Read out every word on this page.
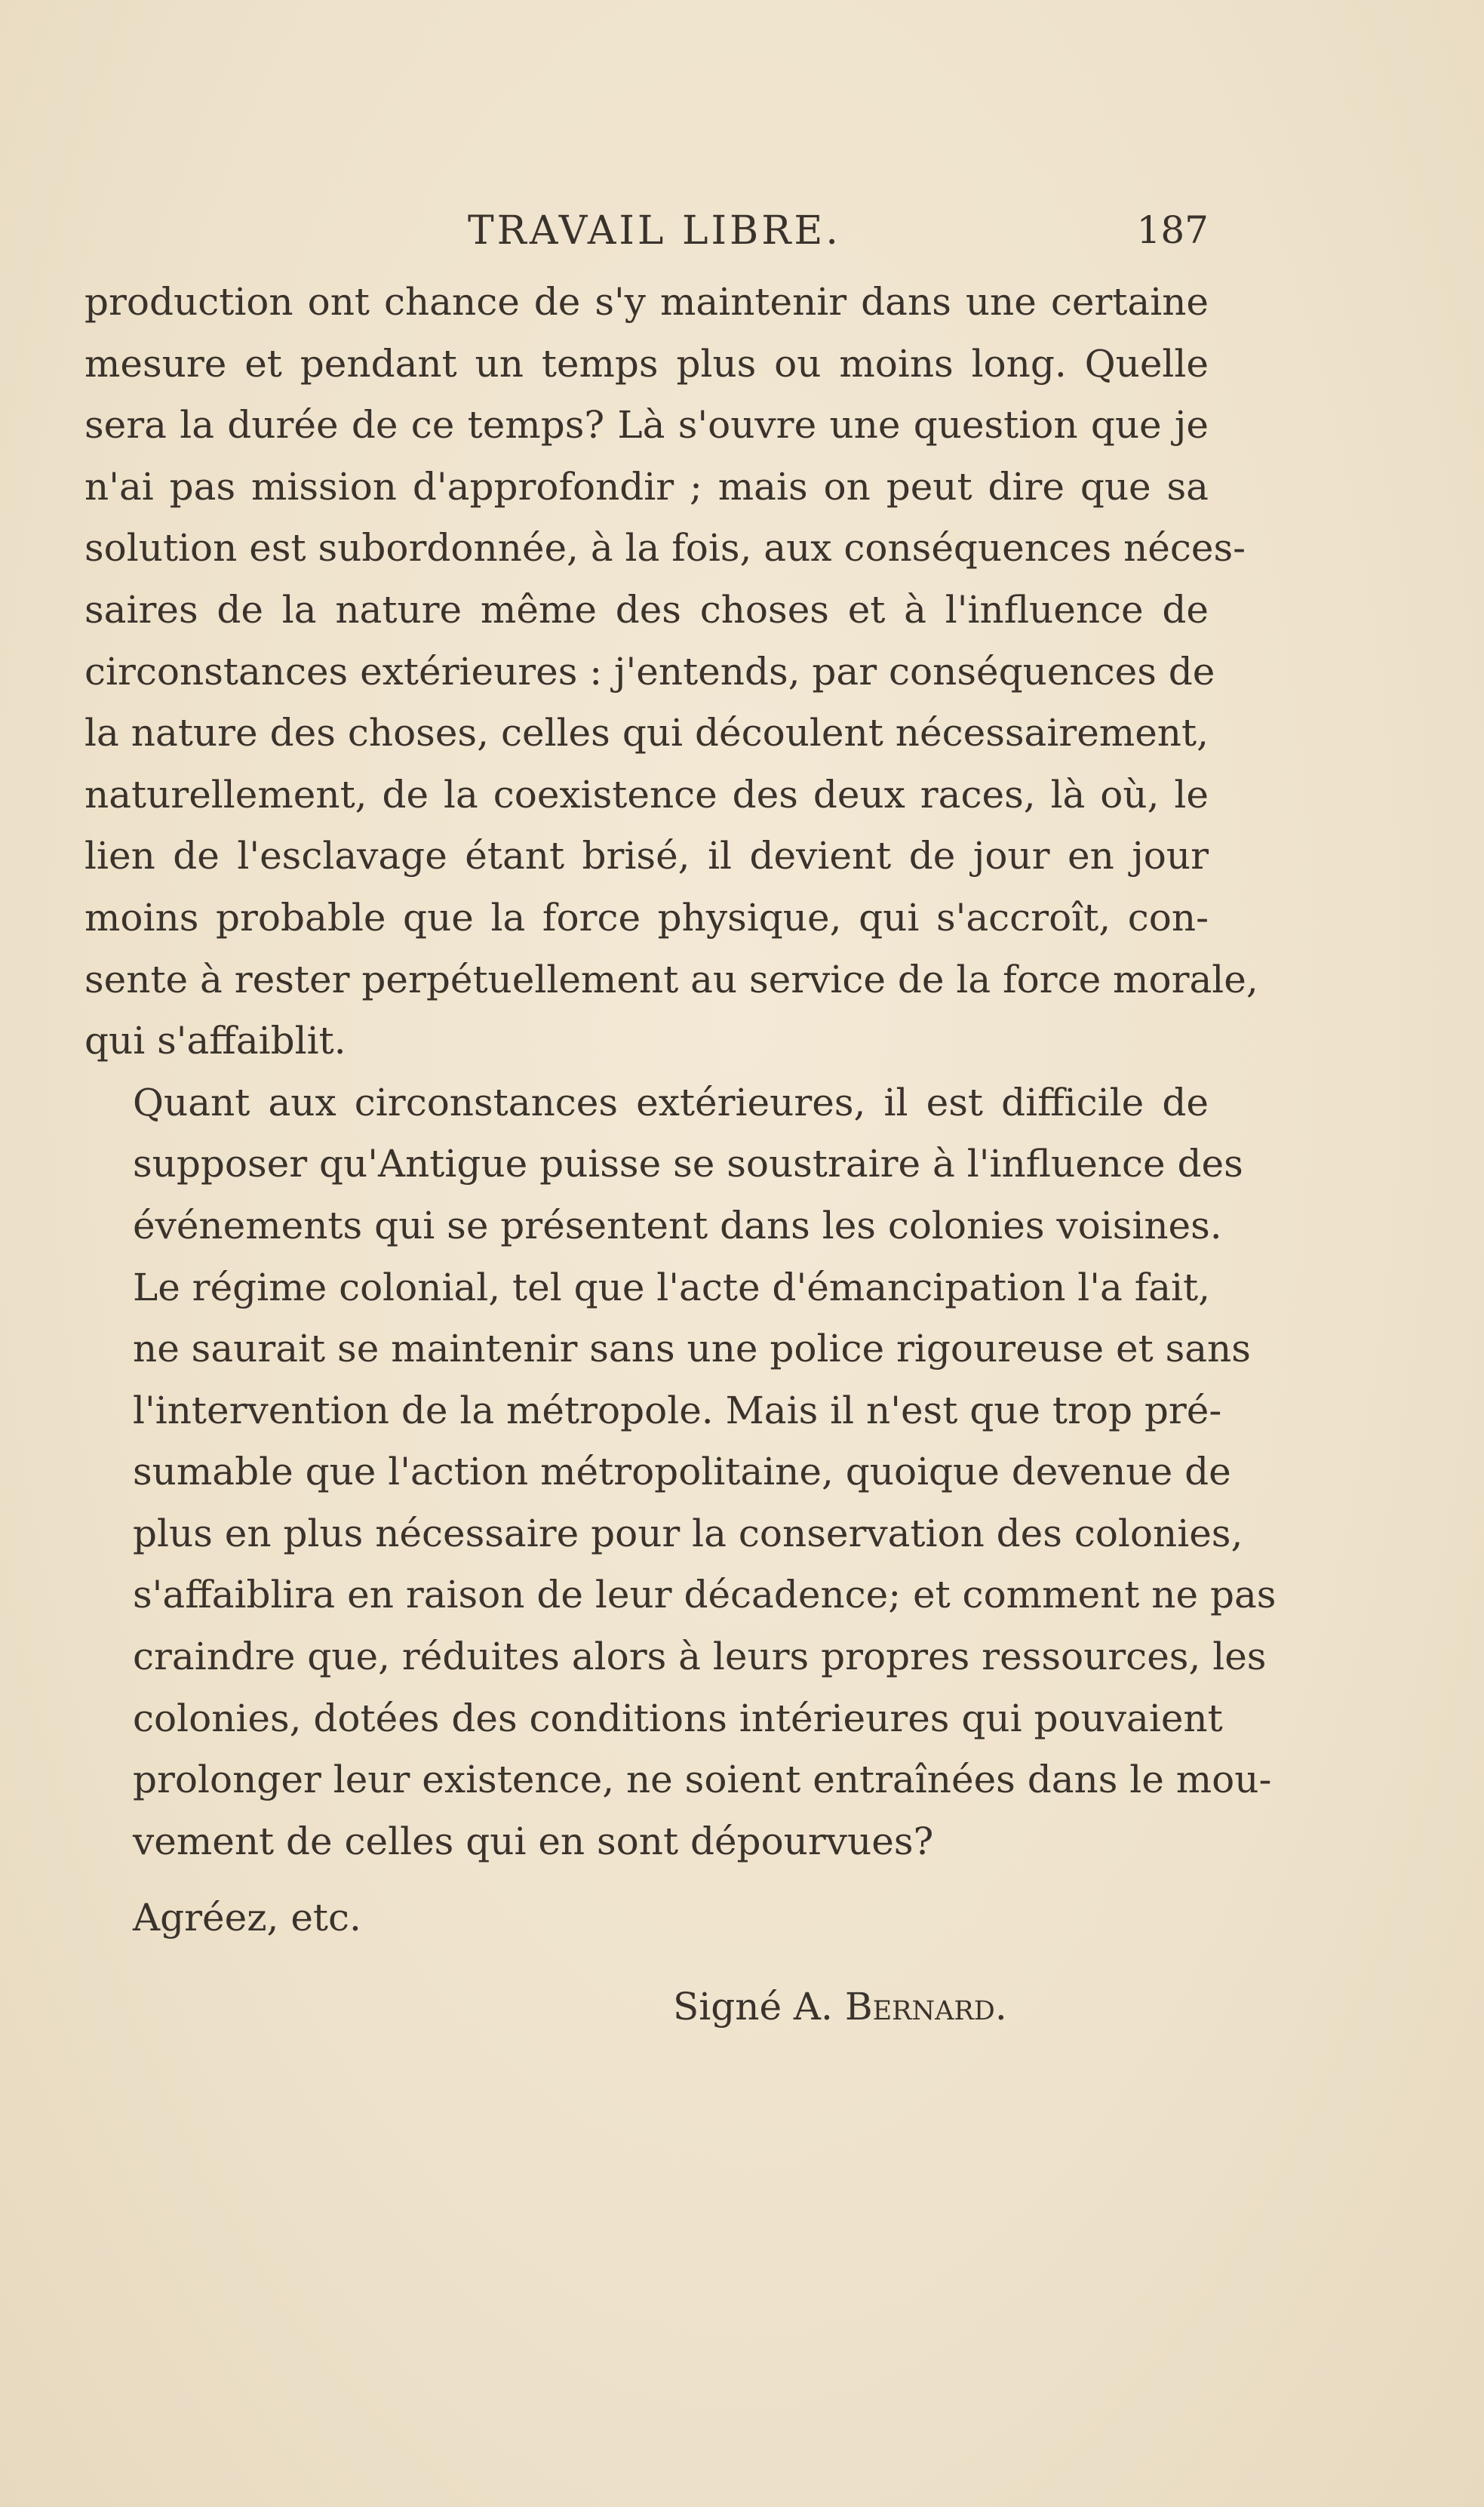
TRAVAIL LIBRE.	187

production ont chance de s'y maintenir dans une certaine
mesure et pendant un temps plus ou moins long. Quelle
sera la durée de ce temps? Là s'ouvre une question que je
n'ai pas mission d'approfondir ; mais on peut dire que sa
solution est subordonnée, à la fois, aux conséquences néces-
saires de la nature même des choses et à l'influence de
circonstances extérieures : j'entends, par conséquences de
la nature des choses, celles qui découlent nécessairement,
naturellement, de la coexistence des deux races, là où, le
lien de l'esclavage étant brisé, il devient de jour en jour
moins probable que la force physique, qui s'accroît, con-
sente à rester perpétuellement au service de la force morale,
qui s'affaiblit.

Quant aux circonstances extérieures, il est difficile de
supposer qu'Antigue puisse se soustraire à l'influence des
événements qui se présentent dans les colonies voisines.

Le régime colonial, tel que l'acte d'émancipation l'a fait,
ne saurait se maintenir sans une police rigoureuse et sans
l'intervention de la métropole. Mais il n'est que trop pré-
sumable que l'action métropolitaine, quoique devenue de
plus en plus nécessaire pour la conservation des colonies,
s'affaiblira en raison de leur décadence; et comment ne pas
craindre que, réduites alors à leurs propres ressources, les
colonies, dotées des conditions intérieures qui pouvaient
prolonger leur existence, ne soient entraînées dans le mou-
vement de celles qui en sont dépourvues?

Agréez, etc.
Signé A. Bernard.
